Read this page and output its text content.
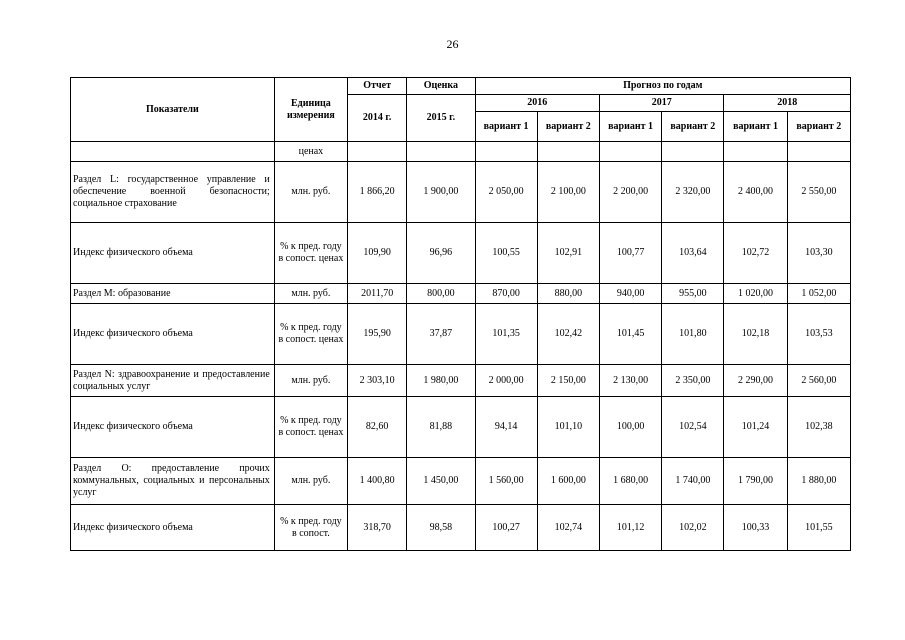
26
Показатели	Единица измерения	Отчет	Оценка	Прогноз по годам					
		2014 г.	2015 г.	2016		2017		2018	
				вариант 1	вариант 2	вариант 1	вариант 2	вариант 1	вариант 2
	ценах								
Раздел L: государственное управление и обеспечение военной безопасности; социальное страхование	млн. руб.	1 866,20	1 900,00	2 050,00	2 100,00	2 200,00	2 320,00	2 400,00	2 550,00
Индекс физического объема	% к пред. году в сопост. ценах	109,90	96,96	100,55	102,91	100,77	103,64	102,72	103,30
Раздел М: образование	млн. руб.	2011,70	800,00	870,00	880,00	940,00	955,00	1 020,00	1 052,00
Индекс физического объема	% к пред. году в сопост. ценах	195,90	37,87	101,35	102,42	101,45	101,80	102,18	103,53
Раздел N: здравоохранение и предоставление социальных услуг	млн. руб.	2 303,10	1 980,00	2 000,00	2 150,00	2 130,00	2 350,00	2 290,00	2 560,00
Индекс физического объема	% к пред. году в сопост. ценах	82,60	81,88	94,14	101,10	100,00	102,54	101,24	102,38
Раздел О: предоставление прочих коммунальных, социальных и персональных услуг	млн. руб.	1 400,80	1 450,00	1 560,00	1 600,00	1 680,00	1 740,00	1 790,00	1 880,00
Индекс физического объема	% к пред. году в сопост.	318,70	98,58	100,27	102,74	101,12	102,02	100,33	101,55
